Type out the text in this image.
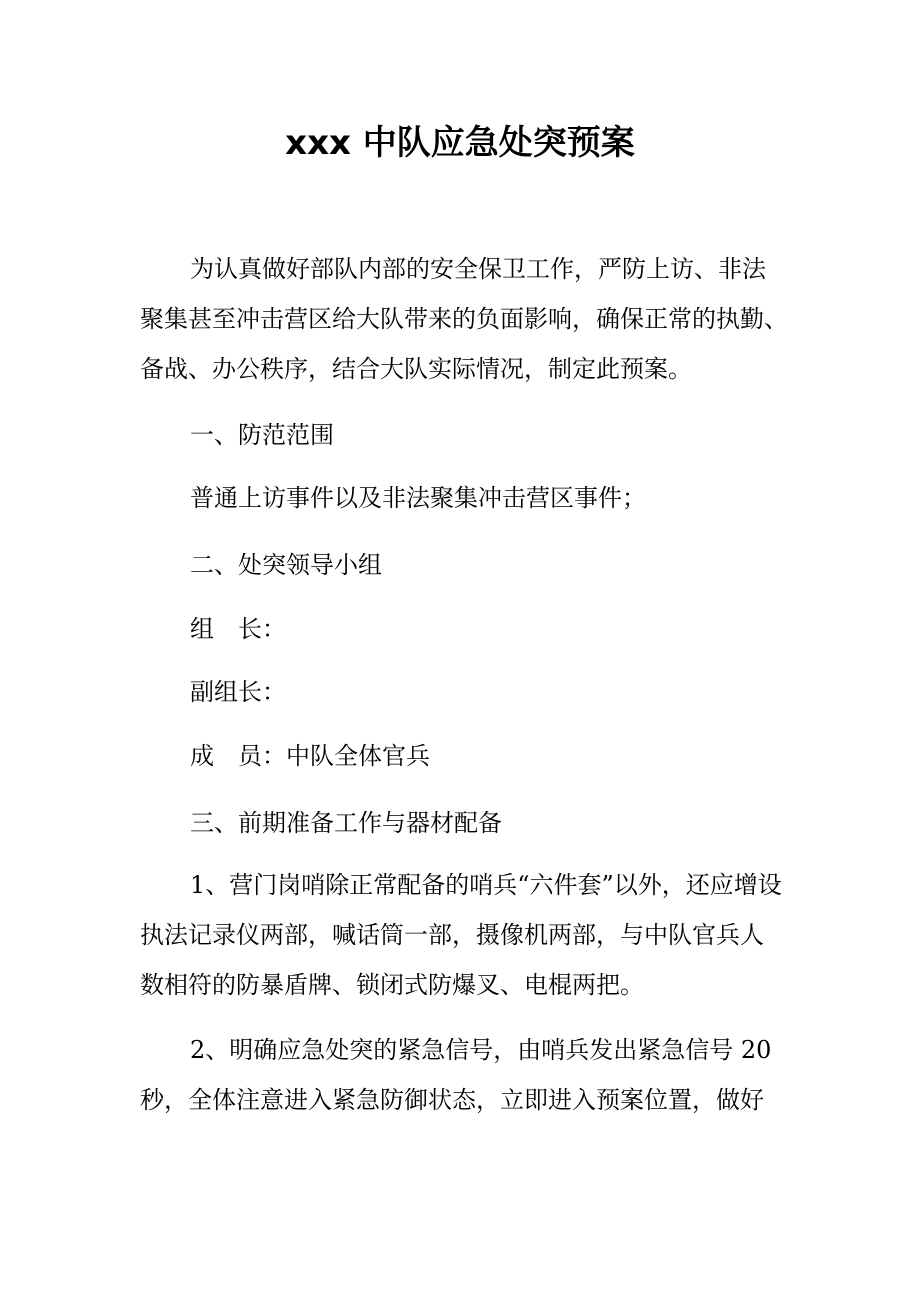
xxx 中队应急处突预案

为认真做好部队内部的安全保卫工作，严防上访、非法

聚集甚至冲击营区给大队带来的负面影响，确保正常的执勤、

备战、办公秩序，结合大队实际情况，制定此预案。

一、防范范围

普通上访事件以及非法聚集冲击营区事件；

二、处突领导小组

组　长：

副组长：

成　员：中队全体官兵

三、前期准备工作与器材配备

1、营门岗哨除正常配备的哨兵“六件套”以外，还应增设

执法记录仪两部，喊话筒一部，摄像机两部，与中队官兵人

数相符的防暴盾牌、锁闭式防爆叉、电棍两把。

2、明确应急处突的紧急信号，由哨兵发出紧急信号 20

秒，全体注意进入紧急防御状态，立即进入预案位置，做好
